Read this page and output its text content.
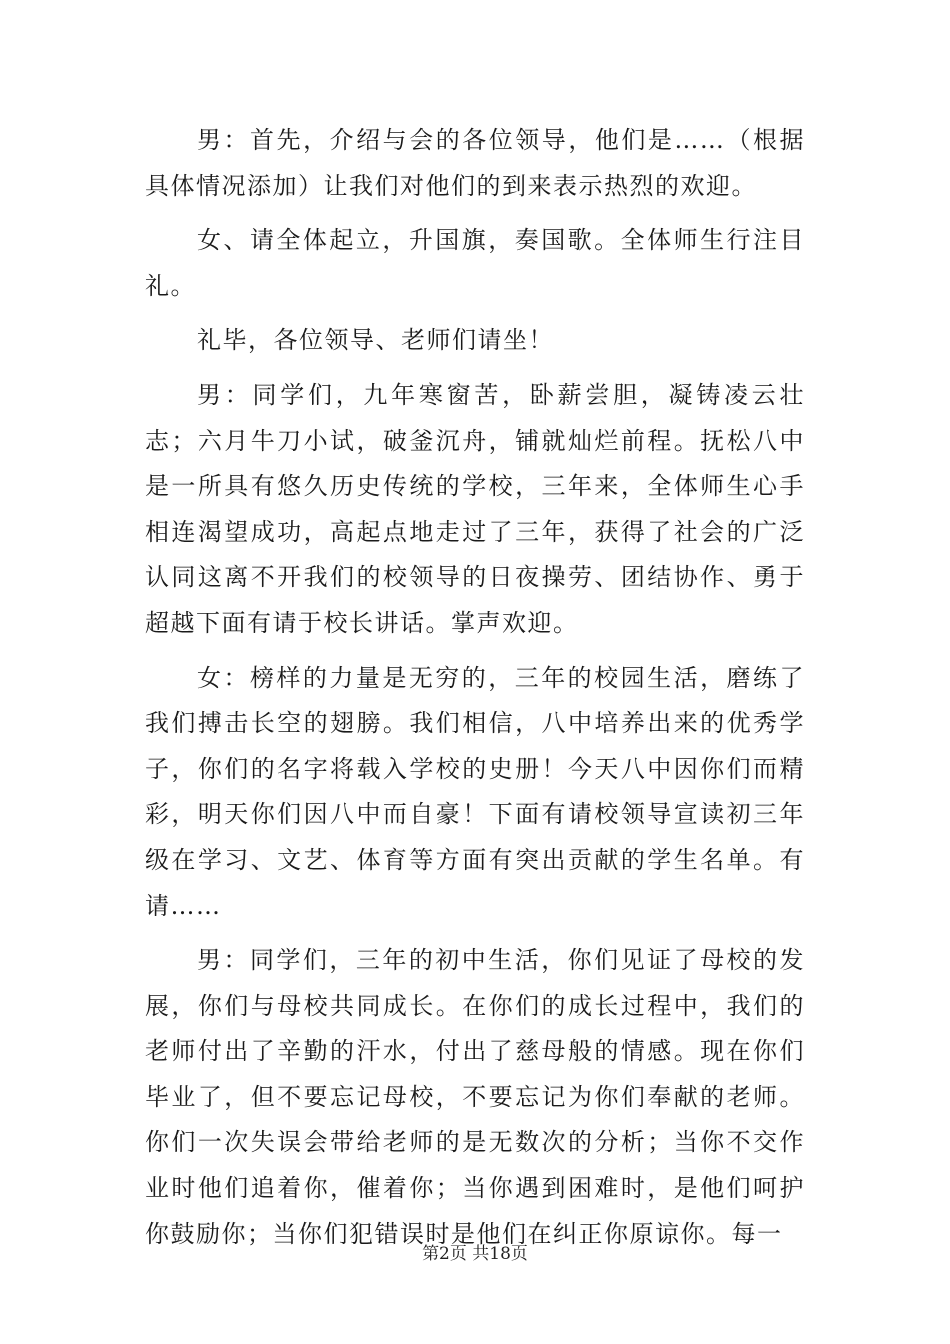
男：首先，介绍与会的各位领导，他们是……（根据具体情况添加）让我们对他们的到来表示热烈的欢迎。

女、请全体起立，升国旗，奏国歌。全体师生行注目礼。

礼毕，各位领导、老师们请坐！

男：同学们，九年寒窗苦，卧薪尝胆，凝铸凌云壮志；六月牛刀小试，破釜沉舟，铺就灿烂前程。抚松八中是一所具有悠久历史传统的学校，三年来，全体师生心手相连渴望成功，高起点地走过了三年，获得了社会的广泛认同这离不开我们的校领导的日夜操劳、团结协作、勇于超越下面有请于校长讲话。掌声欢迎。

女：榜样的力量是无穷的，三年的校园生活，磨练了我们搏击长空的翅膀。我们相信，八中培养出来的优秀学子，你们的名字将载入学校的史册！今天八中因你们而精彩，明天你们因八中而自豪！下面有请校领导宣读初三年级在学习、文艺、体育等方面有突出贡献的学生名单。有请……

男：同学们，三年的初中生活，你们见证了母校的发展，你们与母校共同成长。在你们的成长过程中，我们的老师付出了辛勤的汗水，付出了慈母般的情感。现在你们毕业了，但不要忘记母校，不要忘记为你们奉献的老师。你们一次失误会带给老师的是无数次的分析；当你不交作业时他们追着你，催着你；当你遇到困难时，是他们呵护你鼓励你；当你们犯错误时是他们在纠正你原谅你。每一

第2页 共18页
